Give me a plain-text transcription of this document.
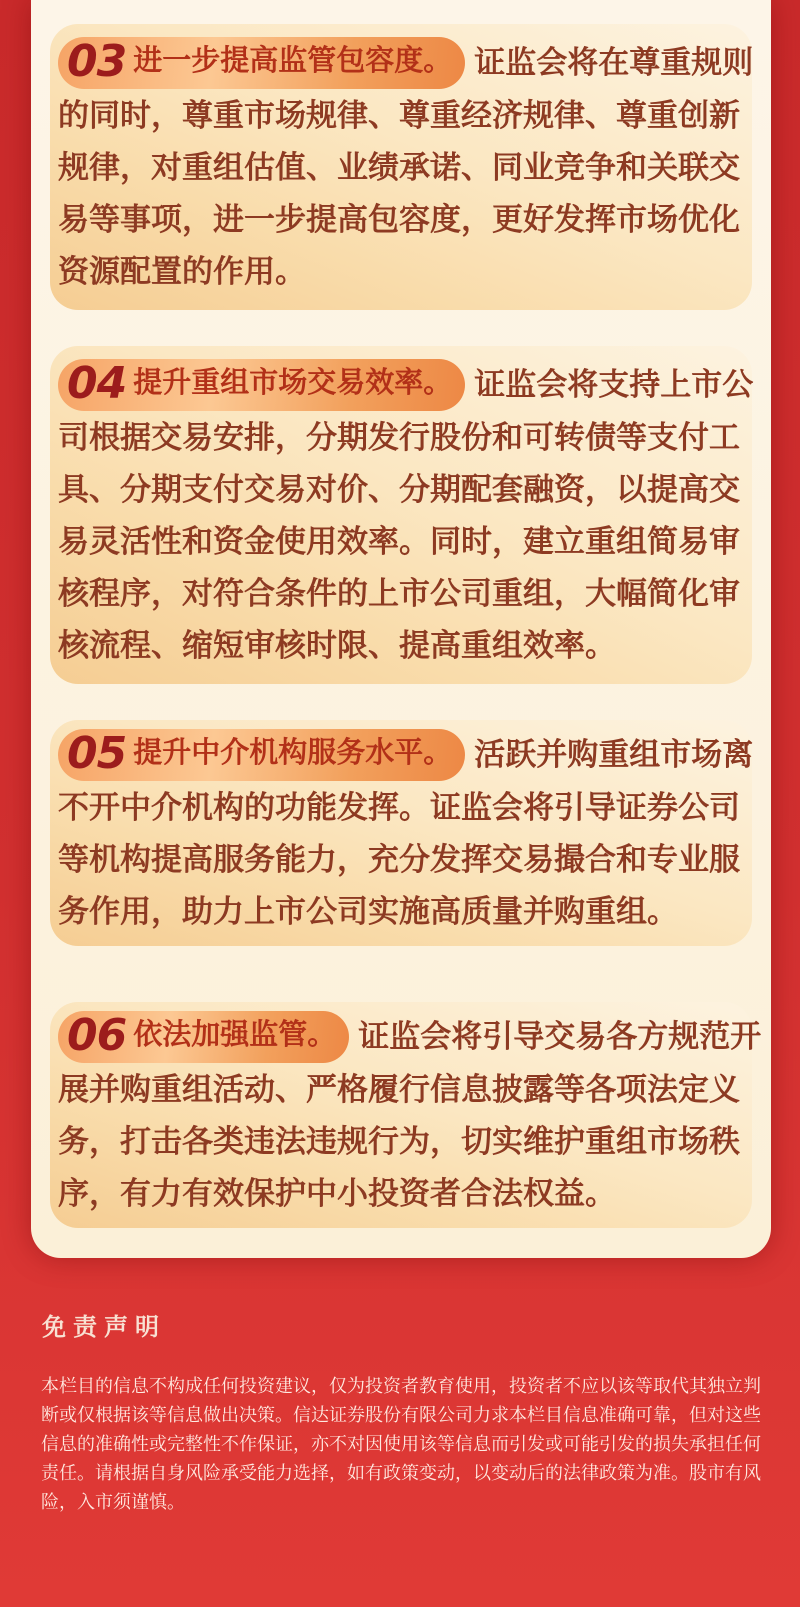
03 进一步提高监管包容度。 证监会将在尊重规则
的同时，尊重市场规律、尊重经济规律、尊重创新
规律，对重组估值、业绩承诺、同业竞争和关联交
易等事项，进一步提高包容度，更好发挥市场优化
资源配置的作用。
04 提升重组市场交易效率。 证监会将支持上市公
司根据交易安排，分期发行股份和可转债等支付工
具、分期支付交易对价、分期配套融资，以提高交
易灵活性和资金使用效率。同时，建立重组简易审
核程序，对符合条件的上市公司重组，大幅简化审
核流程、缩短审核时限、提高重组效率。
05 提升中介机构服务水平。 活跃并购重组市场离
不开中介机构的功能发挥。证监会将引导证券公司
等机构提高服务能力，充分发挥交易撮合和专业服
务作用，助力上市公司实施高质量并购重组。
06 依法加强监管。 证监会将引导交易各方规范开
展并购重组活动、严格履行信息披露等各项法定义
务，打击各类违法违规行为，切实维护重组市场秩
序，有力有效保护中小投资者合法权益。
免责声明
本栏目的信息不构成任何投资建议，仅为投资者教育使用，投资者不应以该等取代其独立判
断或仅根据该等信息做出决策。信达证券股份有限公司力求本栏目信息准确可靠，但对这些
信息的准确性或完整性不作保证，亦不对因使用该等信息而引发或可能引发的损失承担任何
责任。请根据自身风险承受能力选择，如有政策变动，以变动后的法律政策为准。股市有风
险，入市须谨慎。
